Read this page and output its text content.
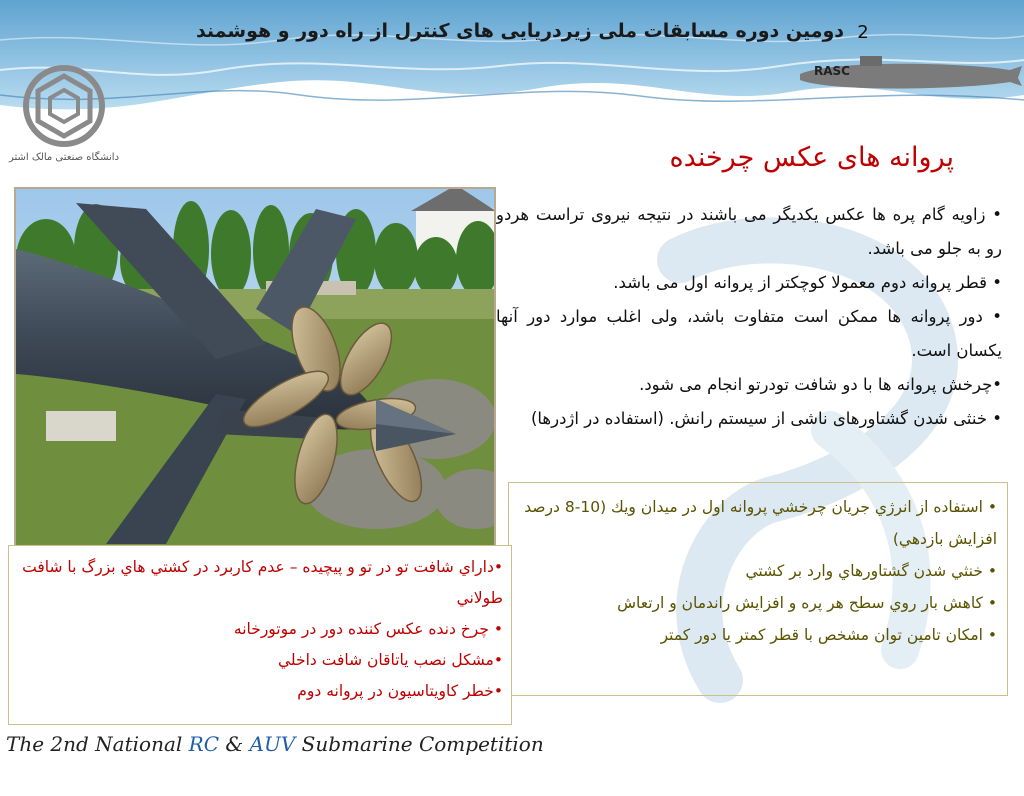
دومین دوره مسابقات ملی زیردریایی های کنترل از راه دور و هوشمند 2
RASC
دانشگاه صنعتی مالک اشتر	پروانه های عکس چرخنده
• زاویه گام پره ها عکس یکدیگر می باشند در نتیجه نیروی تراست هردو رو به جلو می باشد.
• قطر پروانه دوم معمولا کوچکتر از پروانه اول می باشد.
• دور پروانه ها ممکن است متفاوت باشد، ولی اغلب موارد دور آنها یکسان است.
•چرخش پروانه ها با دو شافت تودرتو انجام می شود.
• خنثی شدن گشتاورهای ناشی از سیستم رانش. (استفاده در اژدرها)
• استفاده از انرژي جريان چرخشي پروانه اول در ميدان ويك (10-8 درصد افزايش بازدهي)
• خنثي شدن گشتاورهاي وارد بر كشتي
• كاهش بار روي سطح هر پره و افزايش راندمان و ارتعاش
• امكان تامين توان مشخص با قطر كمتر يا دور كمتر
•داراي شافت تو در تو و پيچيده – عدم كاربرد در كشتي هاي بزرگ با شافت طولاني
• چرخ دنده عكس كننده دور در موتورخانه
•مشكل نصب ياتاقان شافت داخلي
•خطر كاويتاسيون در پروانه دوم
The 2nd National RC & AUV Submarine Competition
